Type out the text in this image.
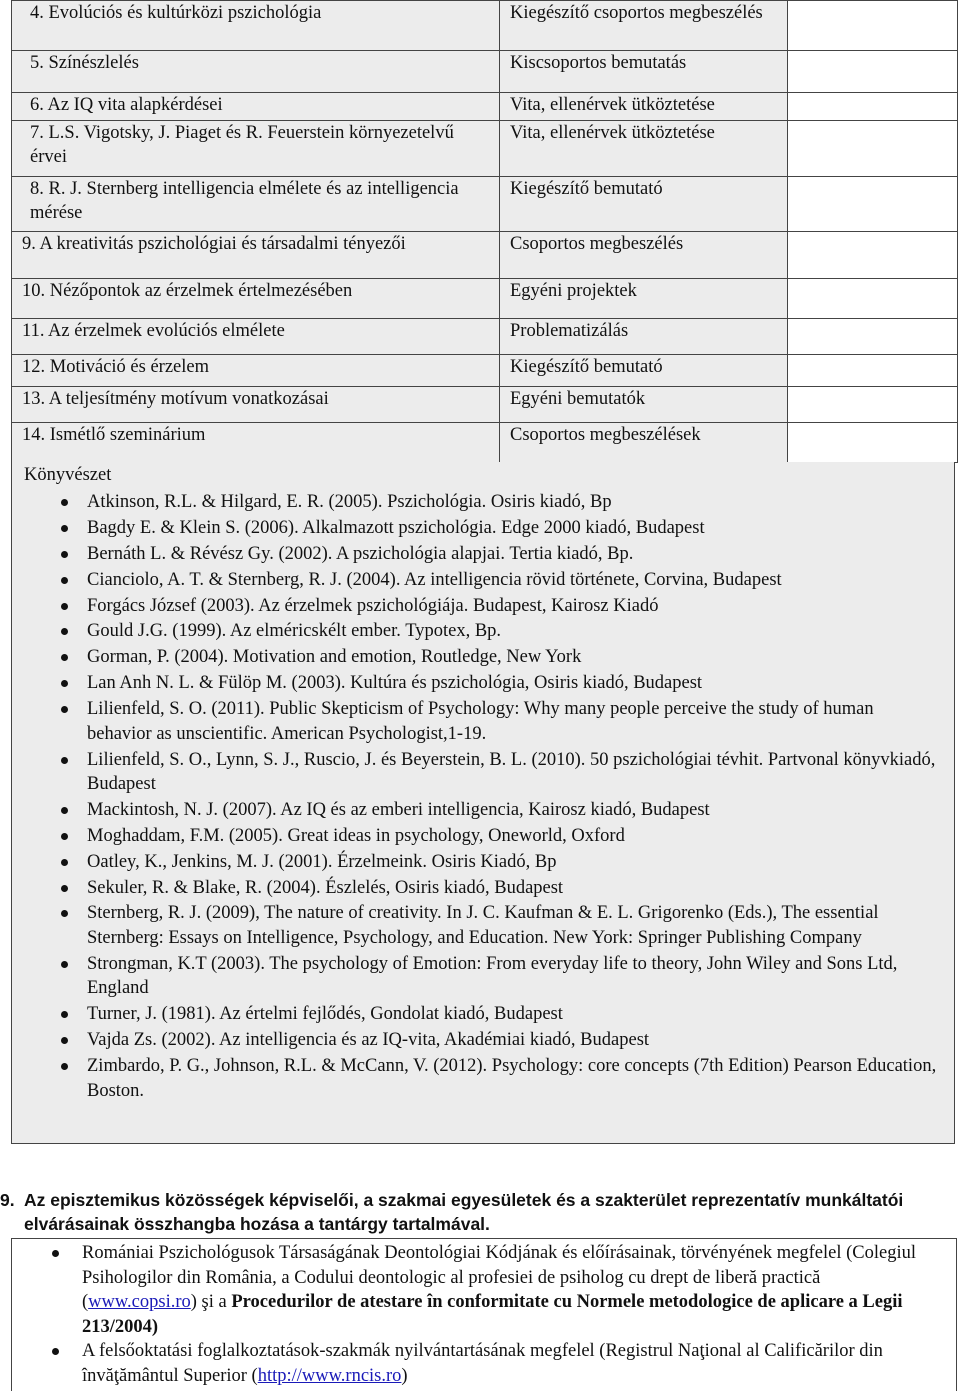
4. Evolúciós és kultúrközi pszichológia	Kiegészítő csoportos megbeszélés	
5. Színészlelés	Kiscsoportos bemutatás	
6. Az IQ vita alapkérdései	Vita, ellenérvek ütköztetése	
7. L.S. Vigotsky, J. Piaget és R. Feuerstein környezetelvű érvei	Vita, ellenérvek ütköztetése	
8. R. J. Sternberg intelligencia elmélete és az intelligencia mérése	Kiegészítő bemutató	
9. A kreativitás pszichológiai és társadalmi tényezői	Csoportos megbeszélés	
10. Nézőpontok az érzelmek értelmezésében	Egyéni projektek	
11. Az érzelmek evolúciós elmélete	Problematizálás	
12. Motiváció és érzelem	Kiegészítő bemutató	
13. A teljesítmény motívum vonatkozásai	Egyéni bemutatók	
14. Ismétlő szeminárium	Csoportos megbeszélések	
Könyvészet
Atkinson, R.L. & Hilgard, E. R. (2005). Pszichológia. Osiris kiadó, Bp
Bagdy E. & Klein S. (2006). Alkalmazott pszichológia. Edge 2000 kiadó, Budapest
Bernáth L. & Révész Gy. (2002). A pszichológia alapjai. Tertia kiadó, Bp.
Cianciolo, A. T. & Sternberg, R. J. (2004). Az intelligencia rövid története, Corvina, Budapest
Forgács József (2003). Az érzelmek pszichológiája. Budapest, Kairosz Kiadó
Gould J.G. (1999). Az elméricskélt ember. Typotex, Bp.
Gorman, P. (2004). Motivation and emotion, Routledge, New York
Lan Anh N. L. & Fülöp M. (2003). Kultúra és pszichológia, Osiris kiadó, Budapest
Lilienfeld, S. O. (2011). Public Skepticism of Psychology: Why many people perceive the study of human behavior as unscientific. American Psychologist,1-19.
Lilienfeld, S. O., Lynn, S. J., Ruscio, J. és Beyerstein, B. L. (2010). 50 pszichológiai tévhit. Partvonal könyvkiadó, Budapest
Mackintosh, N. J. (2007). Az IQ és az emberi intelligencia, Kairosz kiadó, Budapest
Moghaddam, F.M. (2005). Great ideas in psychology, Oneworld, Oxford
Oatley, K., Jenkins, M. J. (2001). Érzelmeink. Osiris Kiadó, Bp
Sekuler, R. & Blake, R. (2004). Észlelés, Osiris kiadó, Budapest
Sternberg, R. J. (2009), The nature of creativity. In J. C. Kaufman & E. L. Grigorenko (Eds.), The essential Sternberg: Essays on Intelligence, Psychology, and Education. New York: Springer Publishing Company
Strongman, K.T (2003). The psychology of Emotion: From everyday life to theory, John Wiley and Sons Ltd, England
Turner, J. (1981). Az értelmi fejlődés, Gondolat kiadó, Budapest
Vajda Zs. (2002). Az intelligencia és az IQ-vita, Akadémiai kiadó, Budapest
Zimbardo, P. G., Johnson, R.L. & McCann, V. (2012). Psychology: core concepts (7th Edition) Pearson Education, Boston.
9. Az episztemikus közösségek képviselői, a szakmai egyesületek és a szakterület reprezentatív munkáltatói elvárásainak összhangba hozása a tantárgy tartalmával.
Romániai Pszichológusok Társaságának Deontológiai Kódjának és előírásainak, törvényének megfelel (Colegiul Psihologilor din România, a Codului deontologic al profesiei de psiholog cu drept de liberă practică (www.copsi.ro) şi a Procedurilor de atestare în conformitate cu Normele metodologice de aplicare a Legii 213/2004)
A felsőoktatási foglalkoztatások-szakmák nyilvántartásának megfelel (Registrul Naţional al Calificărilor din învăţământul Superior (http://www.rncis.ro)
